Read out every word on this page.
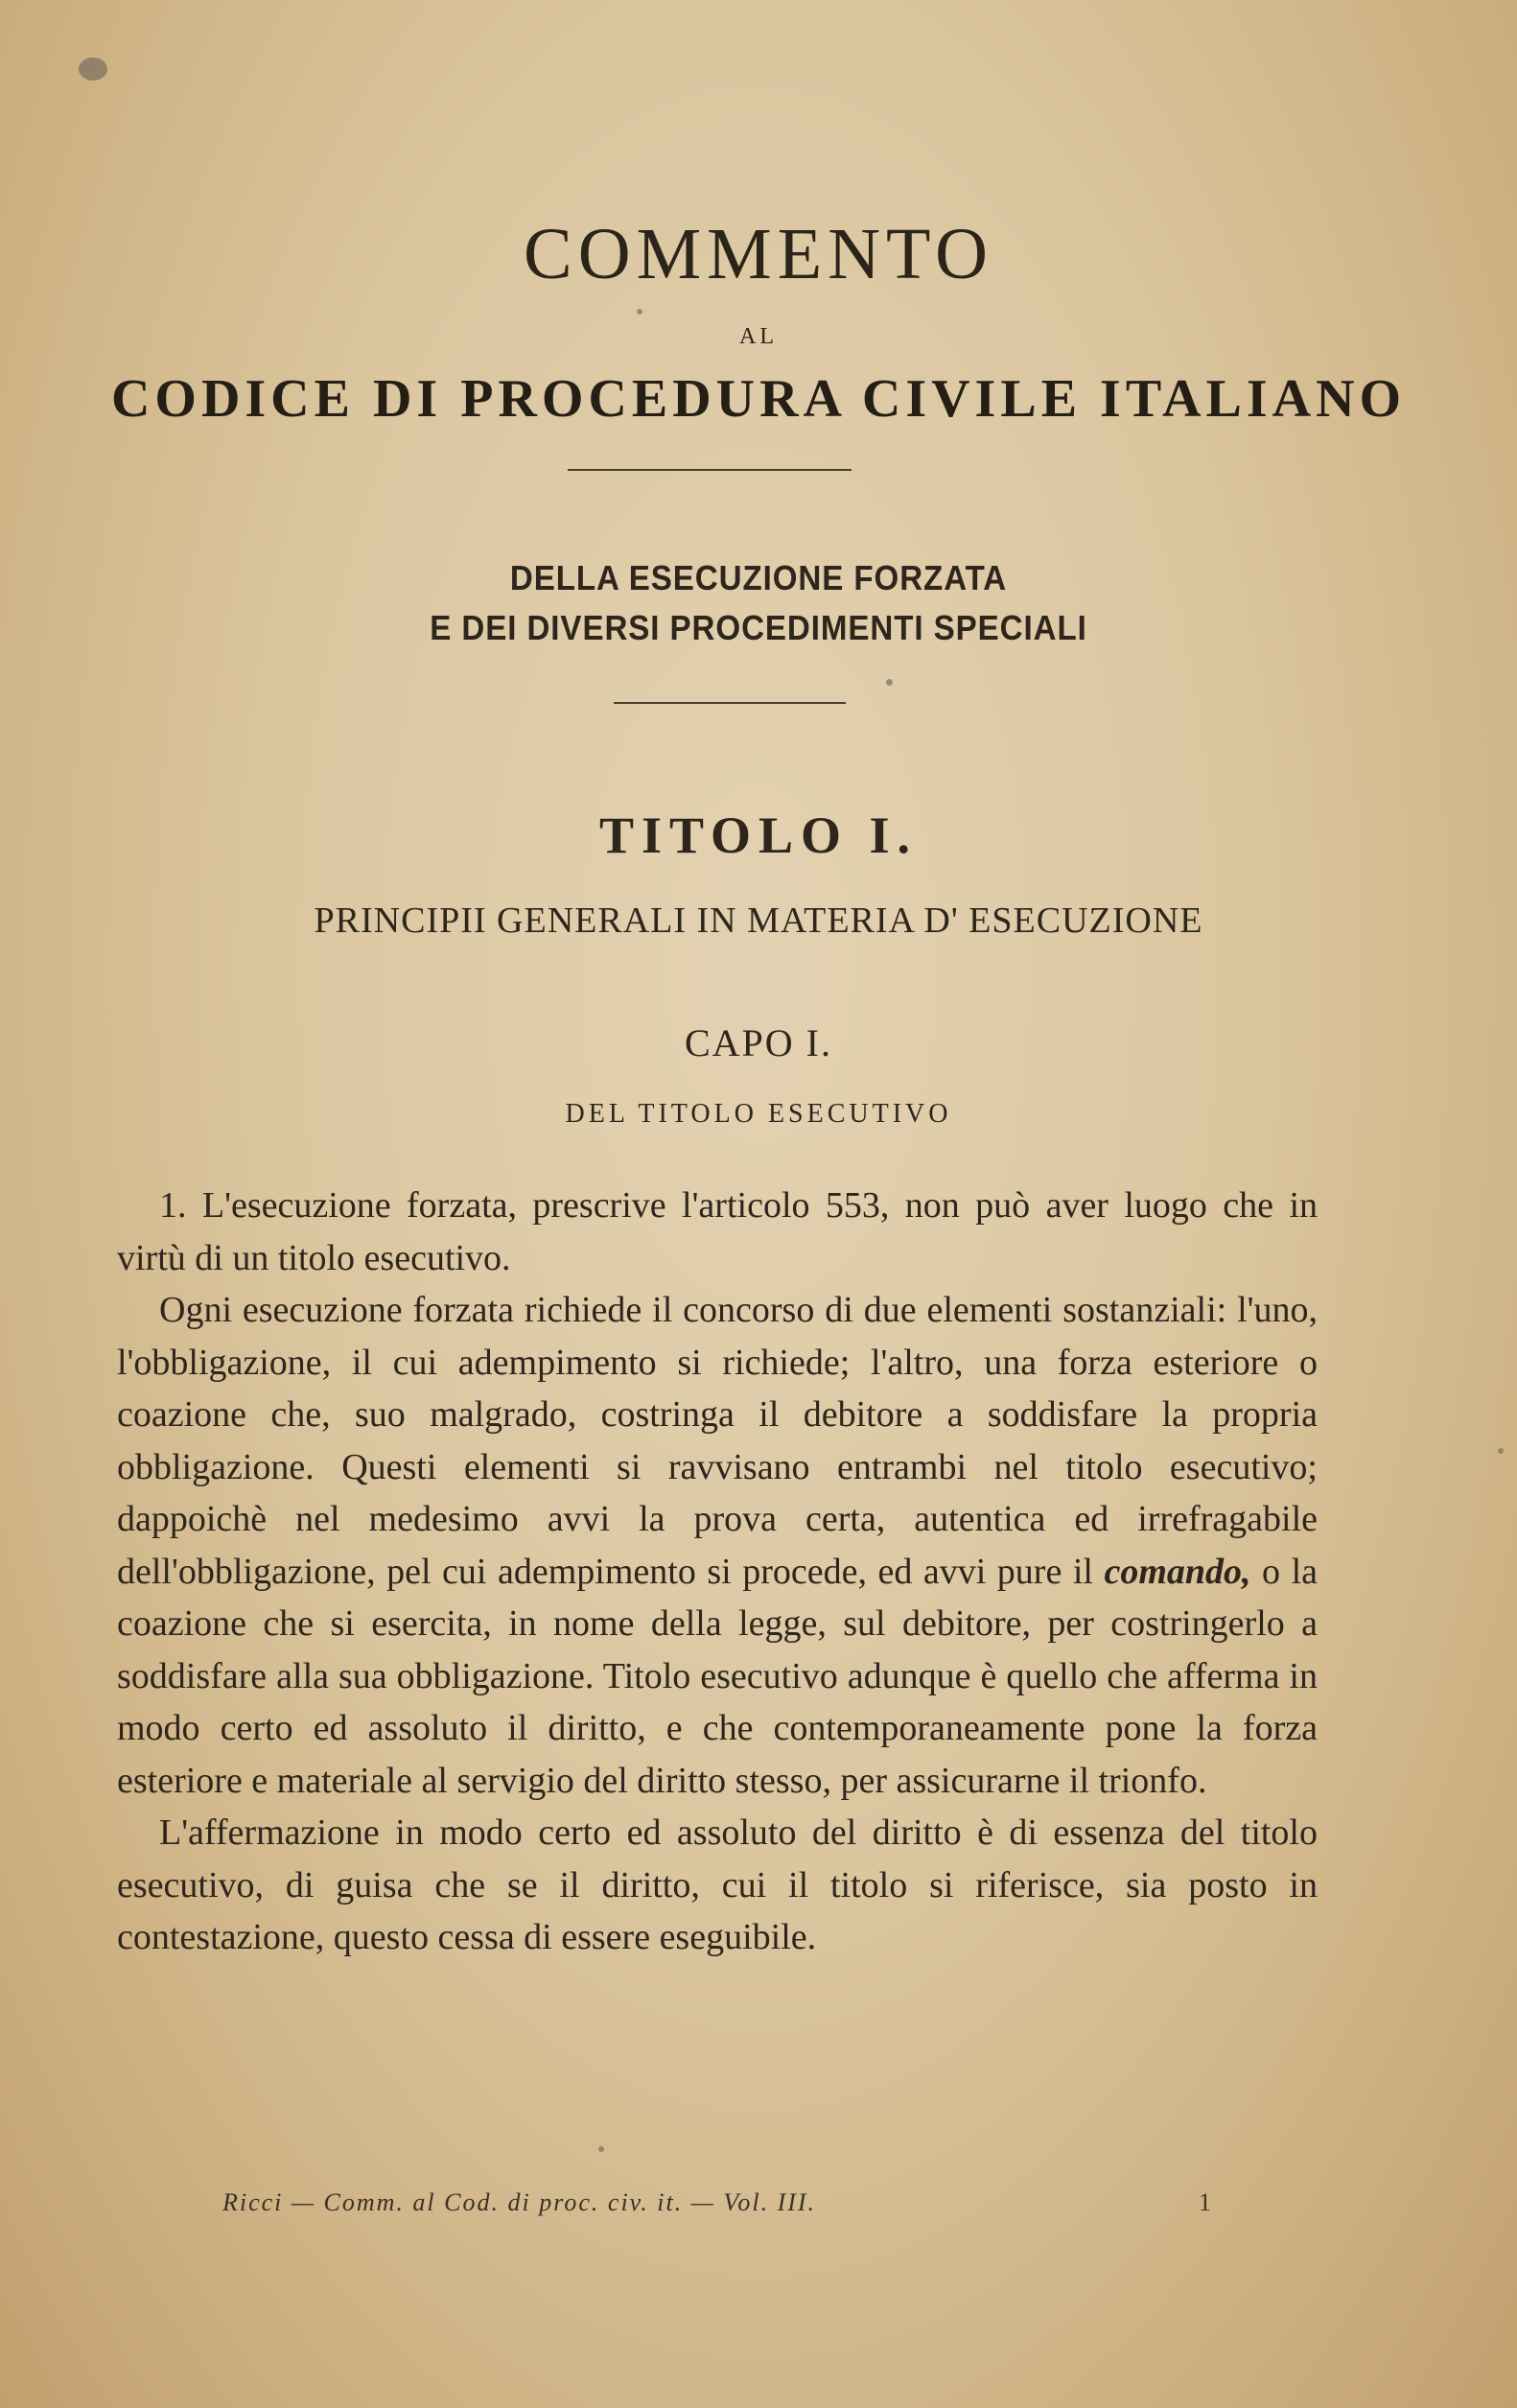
COMMENTO
AL
CODICE DI PROCEDURA CIVILE ITALIANO
DELLA ESECUZIONE FORZATA
E DEI DIVERSI PROCEDIMENTI SPECIALI
TITOLO I.
PRINCIPII GENERALI IN MATERIA D' ESECUZIONE
CAPO I.
DEL TITOLO ESECUTIVO

1. L'esecuzione forzata, prescrive l'articolo 553, non può aver luogo che in virtù di un titolo esecutivo.

Ogni esecuzione forzata richiede il concorso di due elementi sostanziali: l'uno, l'obbligazione, il cui adempimento si richiede; l'altro, una forza esteriore o coazione che, suo malgrado, costringa il debitore a soddisfare la propria obbligazione. Questi elementi si ravvisano entrambi nel titolo esecutivo; dappoichè nel medesimo avvi la prova certa, autentica ed irrefragabile dell'obbligazione, pel cui adempimento si procede, ed avvi pure il comando, o la coazione che si esercita, in nome della legge, sul debitore, per costringerlo a soddisfare alla sua obbligazione. Titolo esecutivo adunque è quello che afferma in modo certo ed assoluto il diritto, e che contemporaneamente pone la forza esteriore e materiale al servigio del diritto stesso, per assicurarne il trionfo.

L'affermazione in modo certo ed assoluto del diritto è di essenza del titolo esecutivo, di guisa che se il diritto, cui il titolo si riferisce, sia posto in contestazione, questo cessa di essere eseguibile.

Ricci — Comm. al Cod. di proc. civ. it. — Vol. III.	1
